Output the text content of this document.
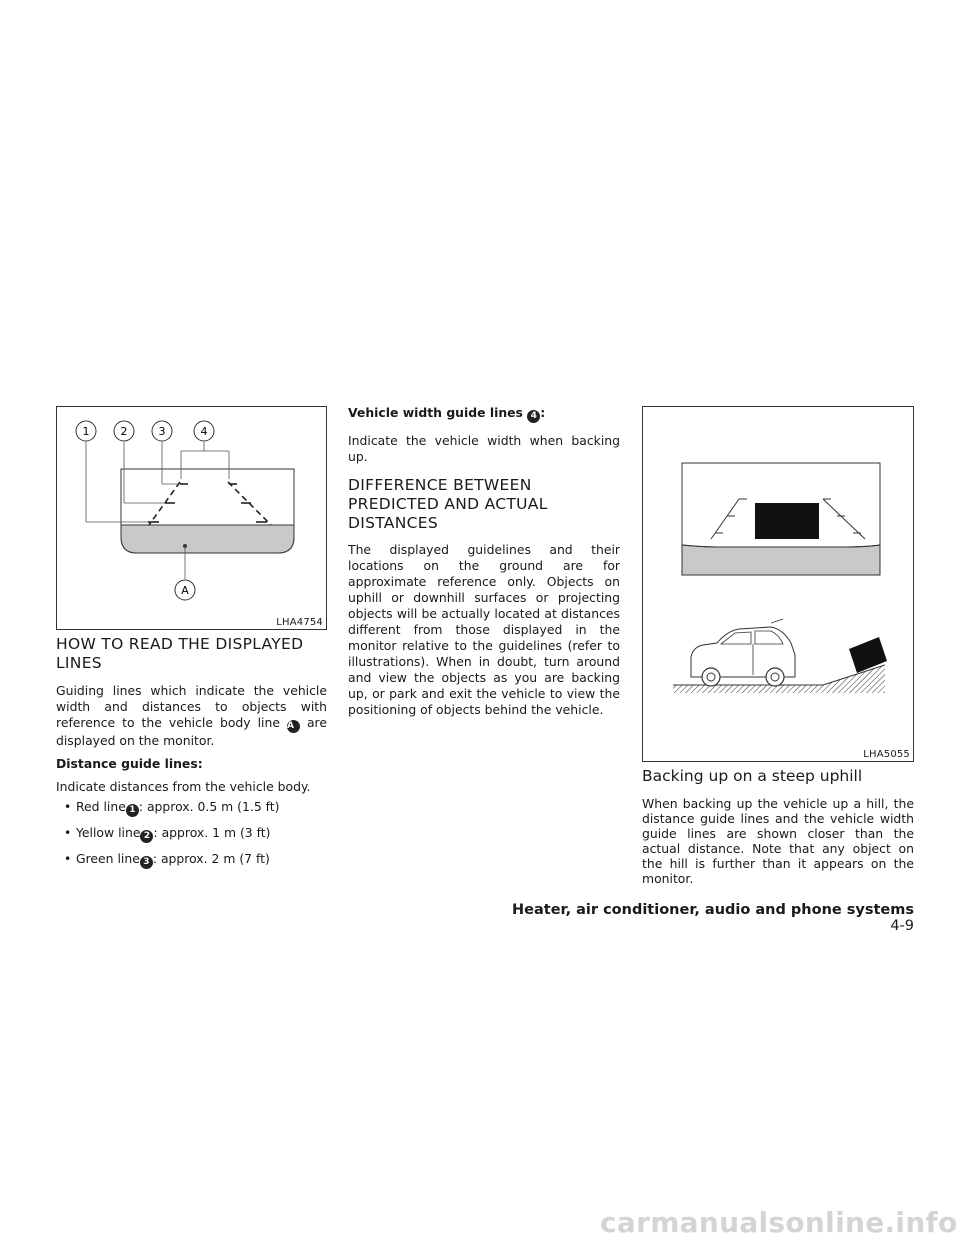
1	2	3	4
A
LHA4754
HOW TO READ THE DISPLAYED LINES

Guiding lines which indicate the vehicle width and distances to objects with reference to the vehicle body line A are displayed on the monitor.

Distance guide lines:

Indicate distances from the vehicle body.

• Red line 1 : approx. 0.5 m (1.5 ft)
• Yellow line 2 : approx. 1 m (3 ft)
• Green line 3 : approx. 2 m (7 ft)

Vehicle width guide lines 4 :

Indicate the vehicle width when backing up.

DIFFERENCE BETWEEN PREDICTED AND ACTUAL DISTANCES

The displayed guidelines and their locations on the ground are for approximate reference only. Objects on uphill or downhill surfaces or projecting objects will be actually located at distances different from those displayed in the monitor relative to the guidelines (refer to illustrations). When in doubt, turn around and view the objects as you are backing up, or park and exit the vehicle to view the positioning of objects behind the vehicle.

LHA5055
Backing up on a steep uphill

When backing up the vehicle up a hill, the distance guide lines and the vehicle width guide lines are shown closer than the actual distance. Note that any object on the hill is further than it appears on the monitor.

Heater, air conditioner, audio and phone systems 4-9
carmanualsonline.info
